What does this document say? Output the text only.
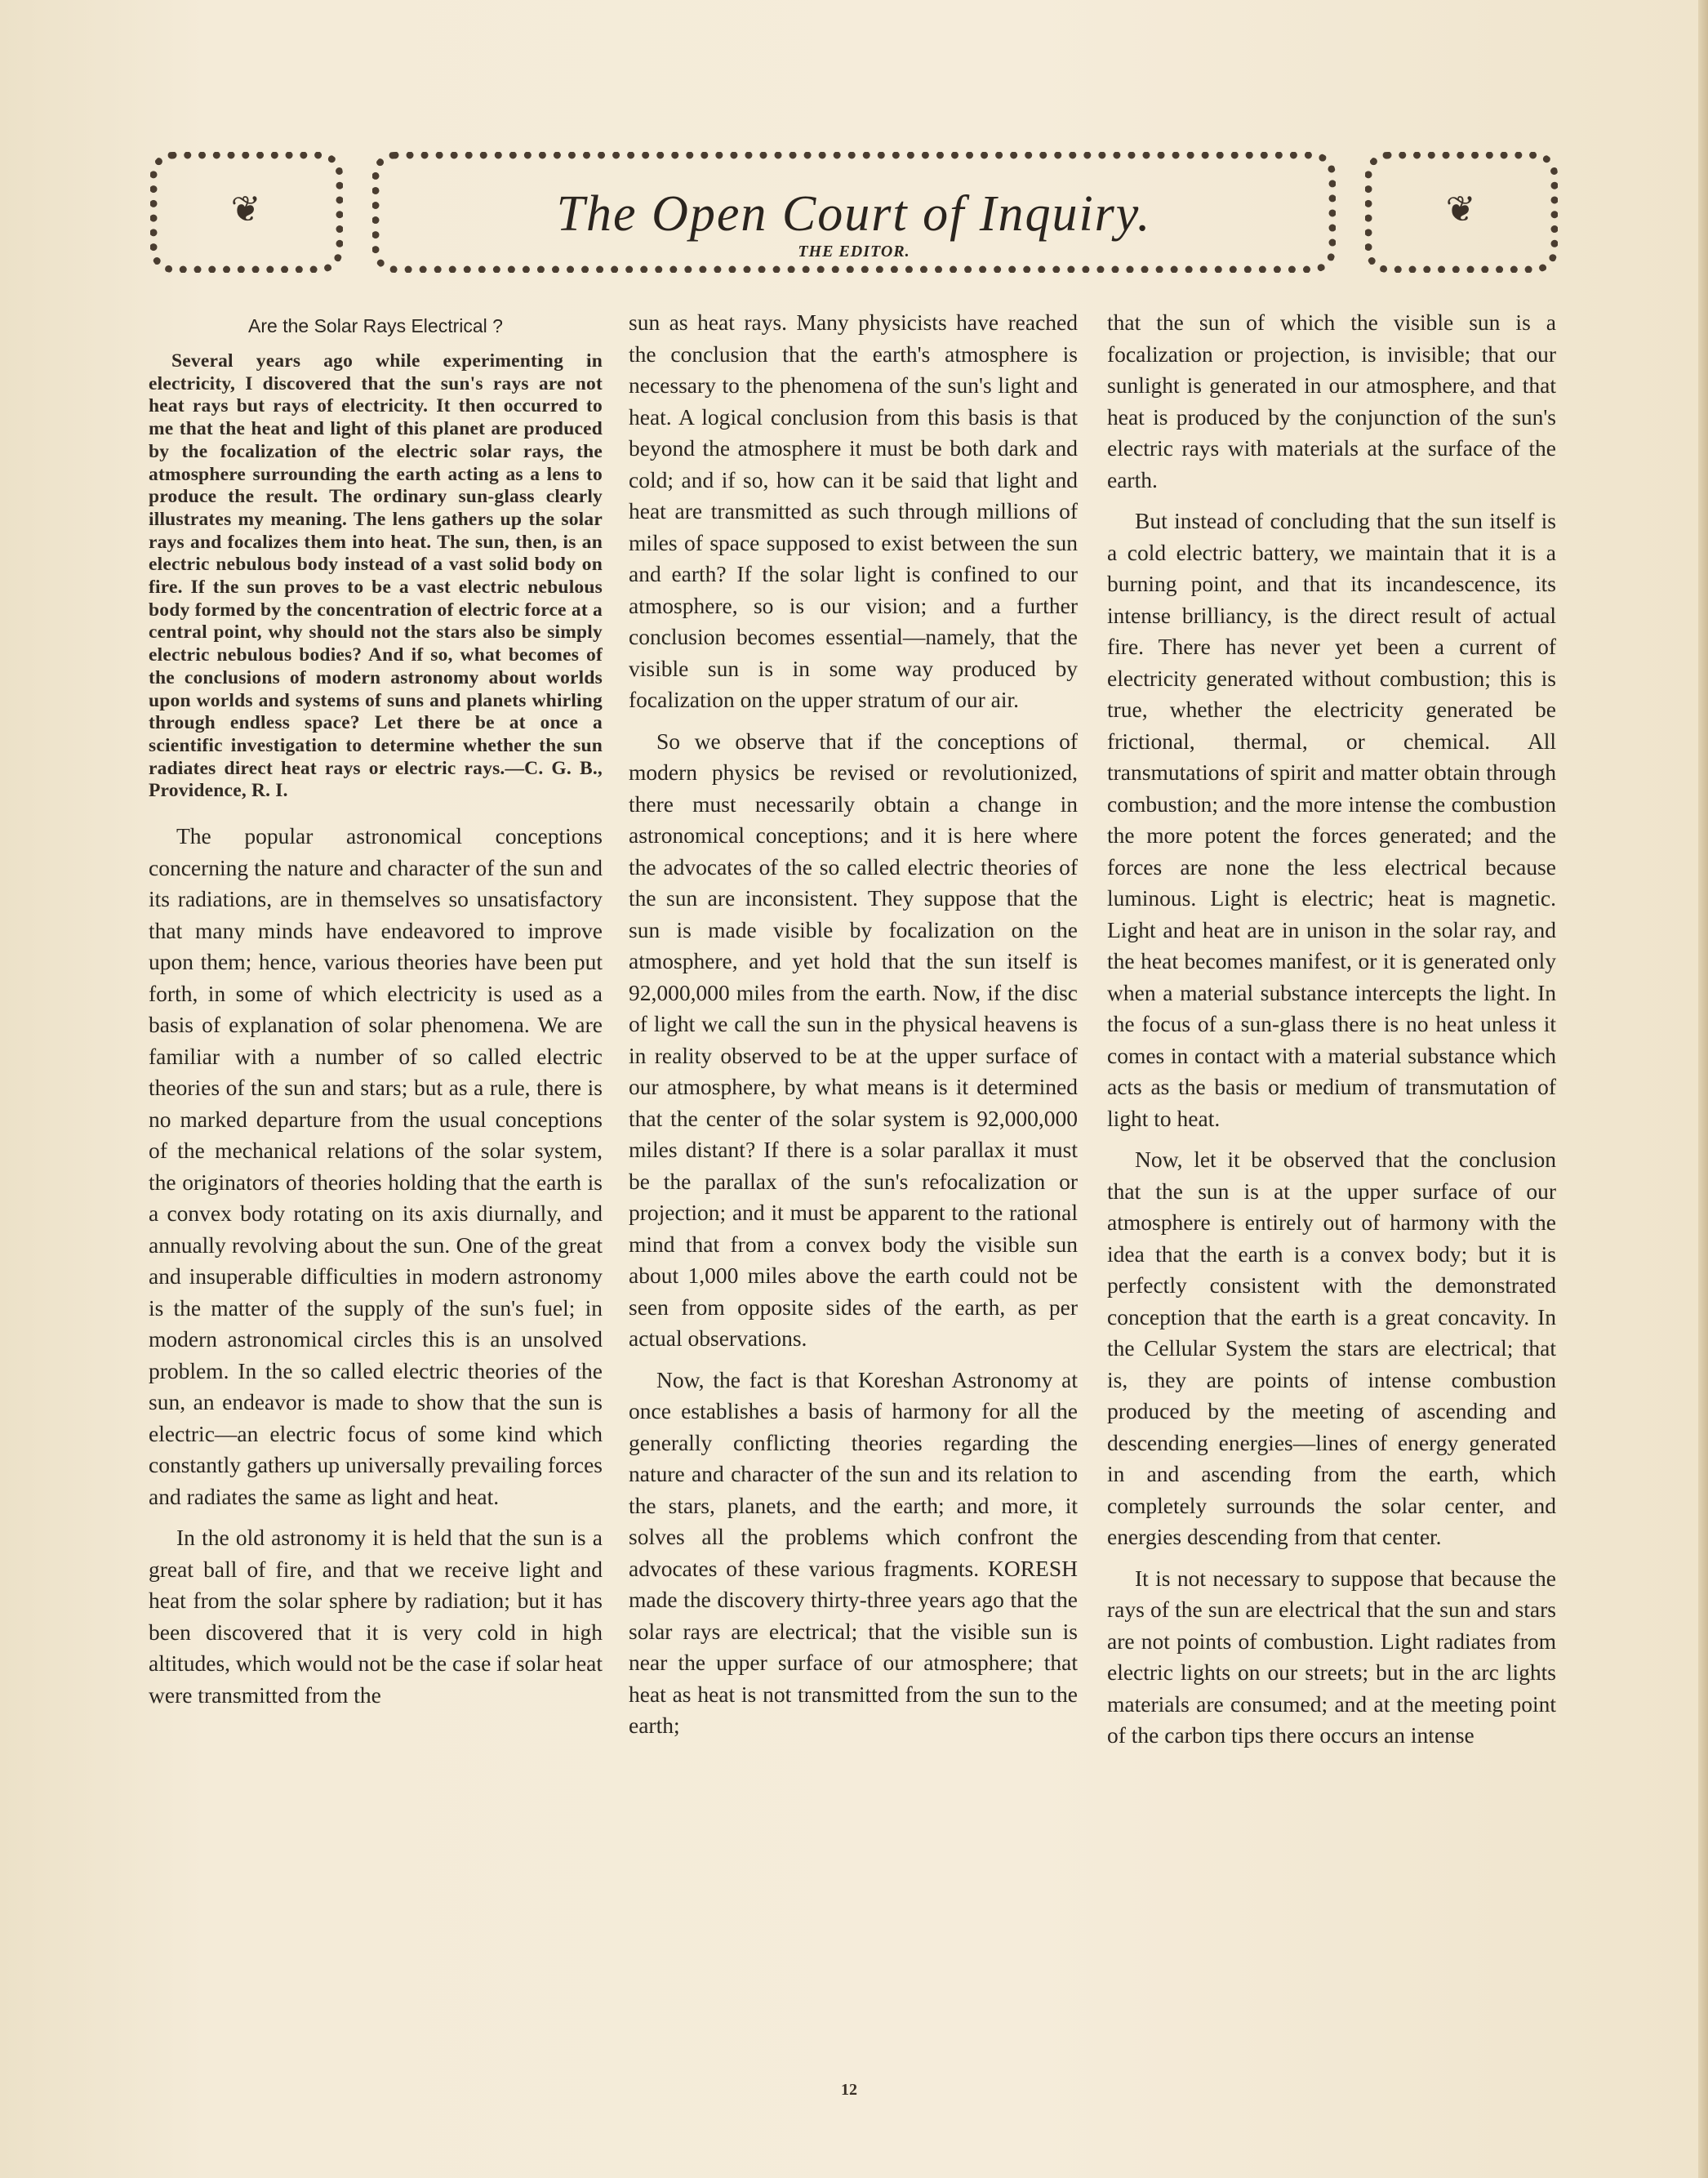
❦	The Open Court of Inquiry.
THE EDITOR.
❦
Are the Solar Rays Electrical ?

Several years ago while experimenting in electricity, I discovered that the sun's rays are not heat rays but rays of electricity. It then occurred to me that the heat and light of this planet are produced by the focalization of the electric solar rays, the atmosphere surrounding the earth acting as a lens to produce the result. The ordinary sun-glass clearly illustrates my meaning. The lens gathers up the solar rays and focalizes them into heat. The sun, then, is an electric nebulous body instead of a vast solid body on fire. If the sun proves to be a vast electric nebulous body formed by the concentration of electric force at a central point, why should not the stars also be simply electric nebulous bodies? And if so, what becomes of the conclusions of modern astronomy about worlds upon worlds and systems of suns and planets whirling through endless space? Let there be at once a scientific investigation to determine whether the sun radiates direct heat rays or electric rays.—C. G. B., Providence, R. I.

The popular astronomical conceptions concerning the nature and character of the sun and its radiations, are in themselves so unsatisfactory that many minds have endeavored to improve upon them; hence, various theories have been put forth, in some of which electricity is used as a basis of explanation of solar phenomena. We are familiar with a number of so called electric theories of the sun and stars; but as a rule, there is no marked departure from the usual conceptions of the mechanical relations of the solar system, the originators of theories holding that the earth is a convex body rotating on its axis diurnally, and annually revolving about the sun. One of the great and insuperable difficulties in modern astronomy is the matter of the supply of the sun's fuel; in modern astronomical circles this is an unsolved problem. In the so called electric theories of the sun, an endeavor is made to show that the sun is electric—an electric focus of some kind which constantly gathers up universally prevailing forces and radiates the same as light and heat.

In the old astronomy it is held that the sun is a great ball of fire, and that we receive light and heat from the solar sphere by radiation; but it has been discovered that it is very cold in high altitudes, which would not be the case if solar heat were transmitted from the

sun as heat rays. Many physicists have reached the conclusion that the earth's atmosphere is necessary to the phenomena of the sun's light and heat. A logical conclusion from this basis is that beyond the atmosphere it must be both dark and cold; and if so, how can it be said that light and heat are transmitted as such through millions of miles of space supposed to exist between the sun and earth? If the solar light is confined to our atmosphere, so is our vision; and a further conclusion becomes essential—namely, that the visible sun is in some way produced by focalization on the upper stratum of our air.

So we observe that if the conceptions of modern physics be revised or revolutionized, there must necessarily obtain a change in astronomical conceptions; and it is here where the advocates of the so called electric theories of the sun are inconsistent. They suppose that the sun is made visible by focalization on the atmosphere, and yet hold that the sun itself is 92,000,000 miles from the earth. Now, if the disc of light we call the sun in the physical heavens is in reality observed to be at the upper surface of our atmosphere, by what means is it determined that the center of the solar system is 92,000,000 miles distant? If there is a solar parallax it must be the parallax of the sun's refocalization or projection; and it must be apparent to the rational mind that from a convex body the visible sun about 1,000 miles above the earth could not be seen from opposite sides of the earth, as per actual observations.

Now, the fact is that Koreshan Astronomy at once establishes a basis of harmony for all the generally conflicting theories regarding the nature and character of the sun and its relation to the stars, planets, and the earth; and more, it solves all the problems which confront the advocates of these various fragments. KORESH made the discovery thirty-three years ago that the solar rays are electrical; that the visible sun is near the upper surface of our atmosphere; that heat as heat is not transmitted from the sun to the earth;

that the sun of which the visible sun is a focalization or projection, is invisible; that our sunlight is generated in our atmosphere, and that heat is produced by the conjunction of the sun's electric rays with materials at the surface of the earth.

But instead of concluding that the sun itself is a cold electric battery, we maintain that it is a burning point, and that its incandescence, its intense brilliancy, is the direct result of actual fire. There has never yet been a current of electricity generated without combustion; this is true, whether the electricity generated be frictional, thermal, or chemical. All transmutations of spirit and matter obtain through combustion; and the more intense the combustion the more potent the forces generated; and the forces are none the less electrical because luminous. Light is electric; heat is magnetic. Light and heat are in unison in the solar ray, and the heat becomes manifest, or it is generated only when a material substance intercepts the light. In the focus of a sun-glass there is no heat unless it comes in contact with a material substance which acts as the basis or medium of transmutation of light to heat.

Now, let it be observed that the conclusion that the sun is at the upper surface of our atmosphere is entirely out of harmony with the idea that the earth is a convex body; but it is perfectly consistent with the demonstrated conception that the earth is a great concavity. In the Cellular System the stars are electrical; that is, they are points of intense combustion produced by the meeting of ascending and descending energies—lines of energy generated in and ascending from the earth, which completely surrounds the solar center, and energies descending from that center.

It is not necessary to suppose that because the rays of the sun are electrical that the sun and stars are not points of combustion. Light radiates from electric lights on our streets; but in the arc lights materials are consumed; and at the meeting point of the carbon tips there occurs an intense

12
